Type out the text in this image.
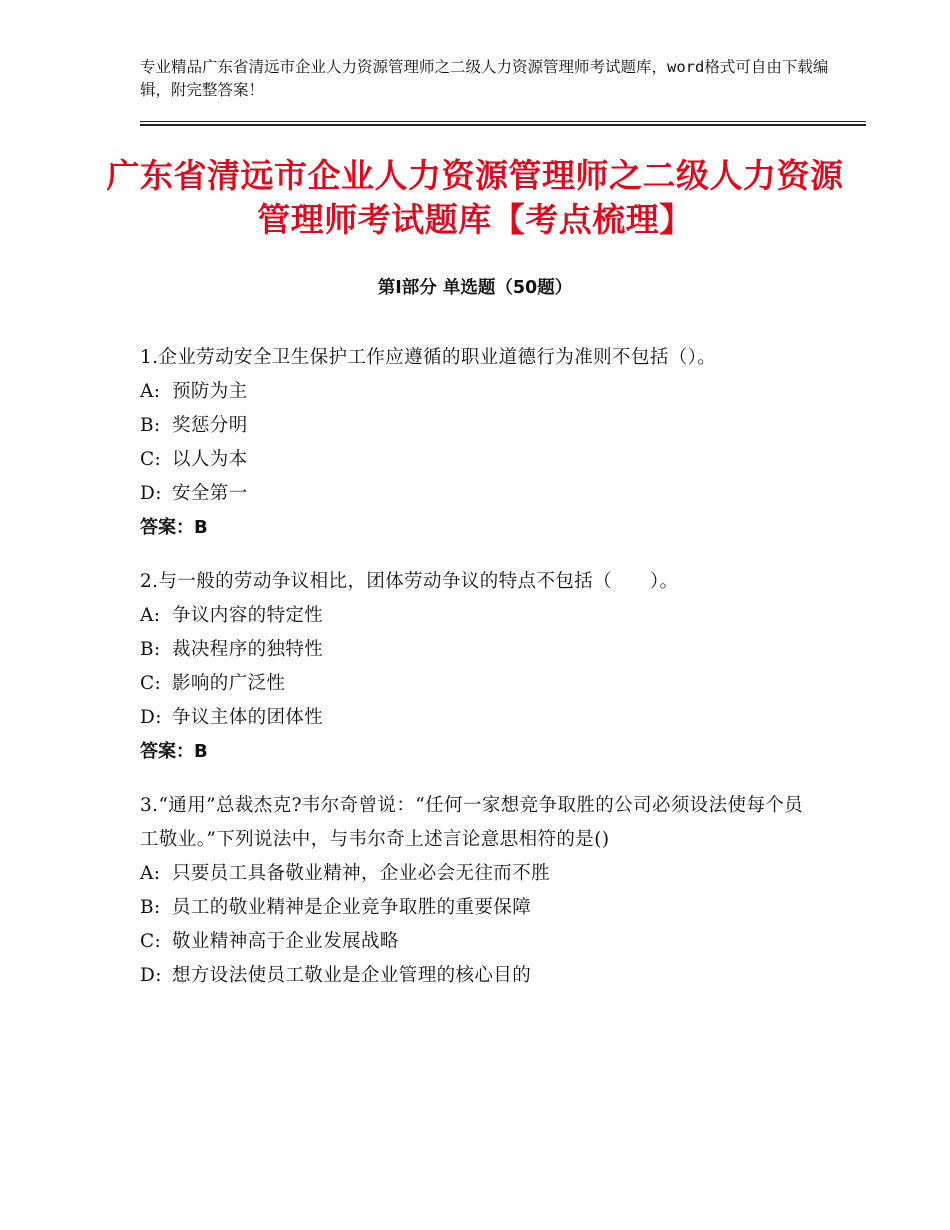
专业精品广东省清远市企业人力资源管理师之二级人力资源管理师考试题库，word格式可自由下载编辑，附完整答案！
广东省清远市企业人力资源管理师之二级人力资源管理师考试题库【考点梳理】
第Ⅰ部分 单选题（50题）
1.企业劳动安全卫生保护工作应遵循的职业道德行为准则不包括（）。
A: 预防为主
B: 奖惩分明
C: 以人为本
D: 安全第一
答案：B
2.与一般的劳动争议相比，团体劳动争议的特点不包括（　　）。
A: 争议内容的特定性
B: 裁决程序的独特性
C: 影响的广泛性
D: 争议主体的团体性
答案：B
3.“通用”总裁杰克?韦尔奇曾说：“任何一家想竞争取胜的公司必须设法使每个员工敬业。”下列说法中，与韦尔奇上述言论意思相符的是()
A: 只要员工具备敬业精神，企业必会无往而不胜
B: 员工的敬业精神是企业竞争取胜的重要保障
C: 敬业精神高于企业发展战略
D: 想方设法使员工敬业是企业管理的核心目的
